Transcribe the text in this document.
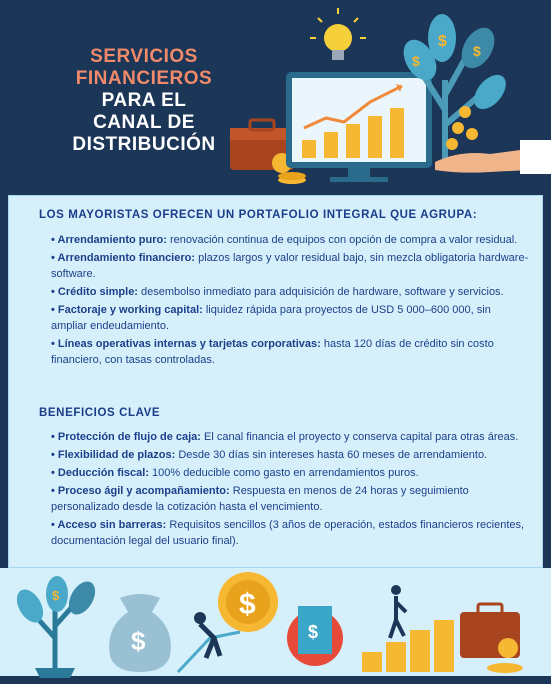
SERVICIOS
FINANCIEROS
PARA EL
CANAL DE
DISTRIBUCIÓN
$
$
$
LOS MAYORISTAS OFRECEN UN PORTAFOLIO INTEGRAL QUE AGRUPA:
• Arrendamiento puro: renovación continua de equipos con opción de compra a valor residual.
• Arrendamiento financiero: plazos largos y valor residual bajo, sin mezcla obligatoria hardware-software.
• Crédito simple: desembolso inmediato para adquisición de hardware, software y servicios.
• Factoraje y working capital: liquidez rápida para proyectos de USD 5 000–600 000, sin ampliar endeudamiento.
• Líneas operativas internas y tarjetas corporativas: hasta 120 días de crédito sin costo financiero, con tasas controladas.
BENEFICIOS CLAVE
• Protección de flujo de caja: El canal financia el proyecto y conserva capital para otras áreas.
• Flexibilidad de plazos: Desde 30 días sin intereses hasta 60 meses de arrendamiento.
• Deducción fiscal: 100% deducible como gasto en arrendamientos puros.
• Proceso ágil y acompañamiento: Respuesta en menos de 24 horas y seguimiento personalizado desde la cotización hasta el vencimiento.
• Acceso sin barreras: Requisitos sencillos (3 años de operación, estados financieros recientes, documentación legal del usuario final).
$
$
$
$
